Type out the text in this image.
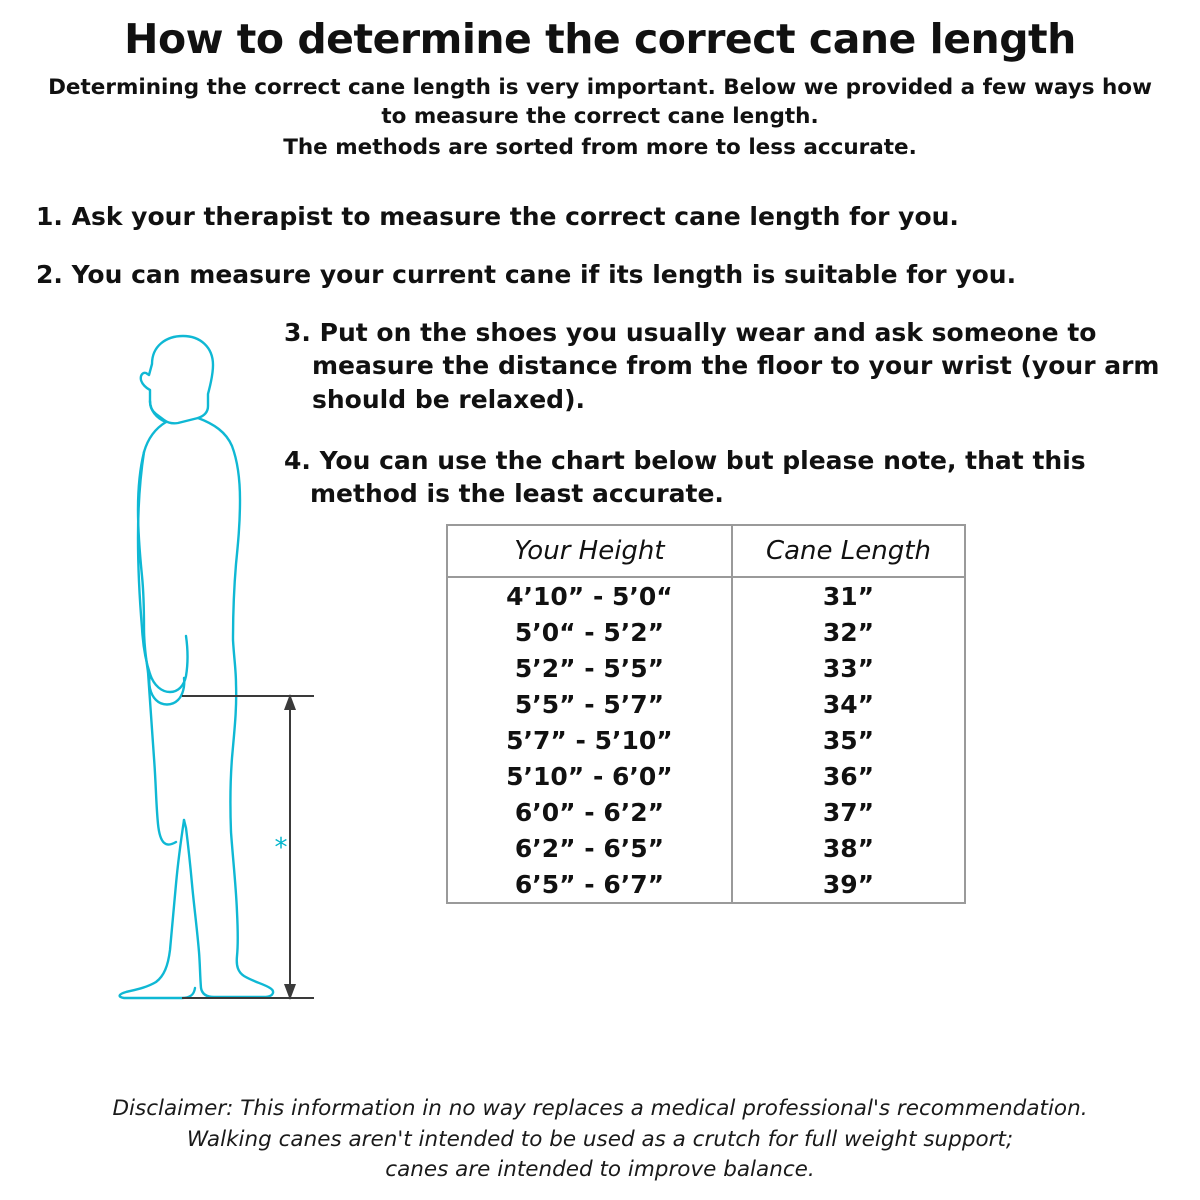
How to determine the correct cane length
Determining the correct cane length is very important. Below we provided a few ways how to measure the correct cane length.
The methods are sorted from more to less accurate.

1. Ask your therapist to measure the correct cane length for you.

2. You can measure your current cane if its length is suitable for you.

*

3. Put on the shoes you usually wear and ask someone to measure the distance from the floor to your wrist (your arm should be relaxed).

4. You can use the chart below but please note, that this method is the least accurate.

Your Height	Cane Length
4’10” - 5’0“	31”
5’0“ - 5’2”	32”
5’2” - 5’5”	33”
5’5” - 5’7”	34”
5’7” - 5’10”	35”
5’10” - 6’0”	36”
6’0” - 6’2”	37”
6’2” - 6’5”	38”
6’5” - 6’7”	39”
Disclaimer: This information in no way replaces a medical professional's recommendation.
Walking canes aren't intended to be used as a crutch for full weight support;
canes are intended to improve balance.
